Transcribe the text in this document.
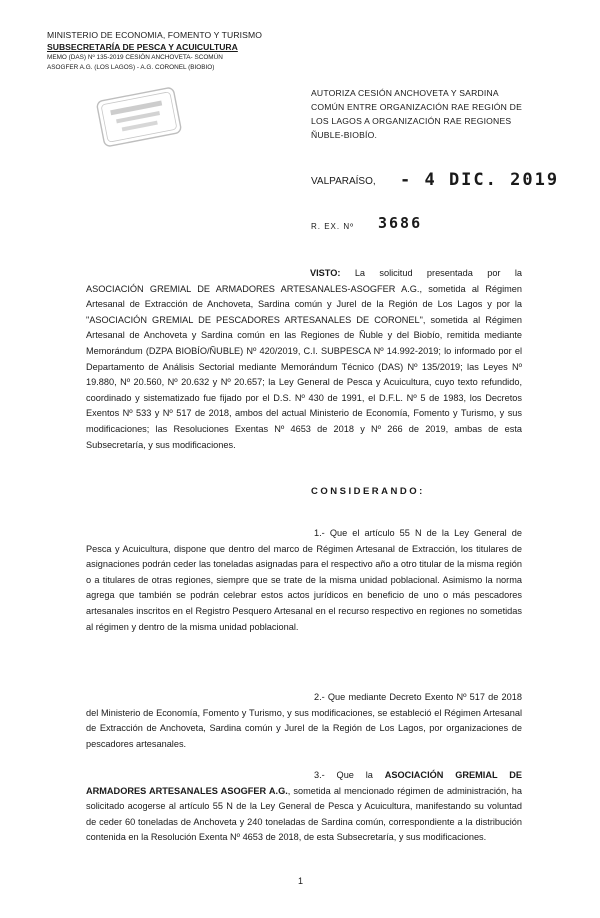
MINISTERIO DE ECONOMIA, FOMENTO Y TURISMO
SUBSECRETARÍA DE PESCA Y ACUICULTURA
MEMO (DAS) Nº 135-2019 CESIÓN ANCHOVETA- SCOMÚN
ASOGFER A.G. (LOS LAGOS) - A.G. CORONEL (BIOBIO)
AUTORIZA CESIÓN ANCHOVETA Y SARDINA COMÚN ENTRE ORGANIZACIÓN RAE REGIÓN DE LOS LAGOS A ORGANIZACIÓN RAE REGIONES ÑUBLE-BIOBÍO.
VALPARAÍSO, - 4 DIC. 2019
R. EX. Nº 3686
VISTO: La solicitud presentada por la ASOCIACIÓN GREMIAL DE ARMADORES ARTESANALES-ASOGFER A.G., sometida al Régimen Artesanal de Extracción de Anchoveta, Sardina común y Jurel de la Región de Los Lagos y por la "ASOCIACIÓN GREMIAL DE PESCADORES ARTESANALES DE CORONEL", sometida al Régimen Artesanal de Anchoveta y Sardina común en las Regiones de Ñuble y del Biobío, remitida mediante Memorándum (DZPA BIOBÍO/ÑUBLE) Nº 420/2019, C.I. SUBPESCA Nº 14.992-2019; lo informado por el Departamento de Análisis Sectorial mediante Memorándum Técnico (DAS) Nº 135/2019; las Leyes Nº 19.880, Nº 20.560, Nº 20.632 y Nº 20.657; la Ley General de Pesca y Acuicultura, cuyo texto refundido, coordinado y sistematizado fue fijado por el D.S. Nº 430 de 1991, el D.F.L. Nº 5 de 1983, los Decretos Exentos Nº 533 y Nº 517 de 2018, ambos del actual Ministerio de Economía, Fomento y Turismo, y sus modificaciones; las Resoluciones Exentas Nº 4653 de 2018 y Nº 266 de 2019, ambas de esta Subsecretaría, y sus modificaciones.
CONSIDERANDO:
1.- Que el artículo 55 N de la Ley General de Pesca y Acuicultura, dispone que dentro del marco de Régimen Artesanal de Extracción, los titulares de asignaciones podrán ceder las toneladas asignadas para el respectivo año a otro titular de la misma región o a titulares de otras regiones, siempre que se trate de la misma unidad poblacional. Asimismo la norma agrega que también se podrán celebrar estos actos jurídicos en beneficio de uno o más pescadores artesanales inscritos en el Registro Pesquero Artesanal en el recurso respectivo en regiones no sometidas al régimen y dentro de la misma unidad poblacional.
2.- Que mediante Decreto Exento Nº 517 de 2018 del Ministerio de Economía, Fomento y Turismo, y sus modificaciones, se estableció el Régimen Artesanal de Extracción de Anchoveta, Sardina común y Jurel de la Región de Los Lagos, por organizaciones de pescadores artesanales.
3.- Que la ASOCIACIÓN GREMIAL DE ARMADORES ARTESANALES ASOGFER A.G., sometida al mencionado régimen de administración, ha solicitado acogerse al artículo 55 N de la Ley General de Pesca y Acuicultura, manifestando su voluntad de ceder 60 toneladas de Anchoveta y 240 toneladas de Sardina común, correspondiente a la distribución contenida en la Resolución Exenta Nº 4653 de 2018, de esta Subsecretaría, y sus modificaciones.
1
